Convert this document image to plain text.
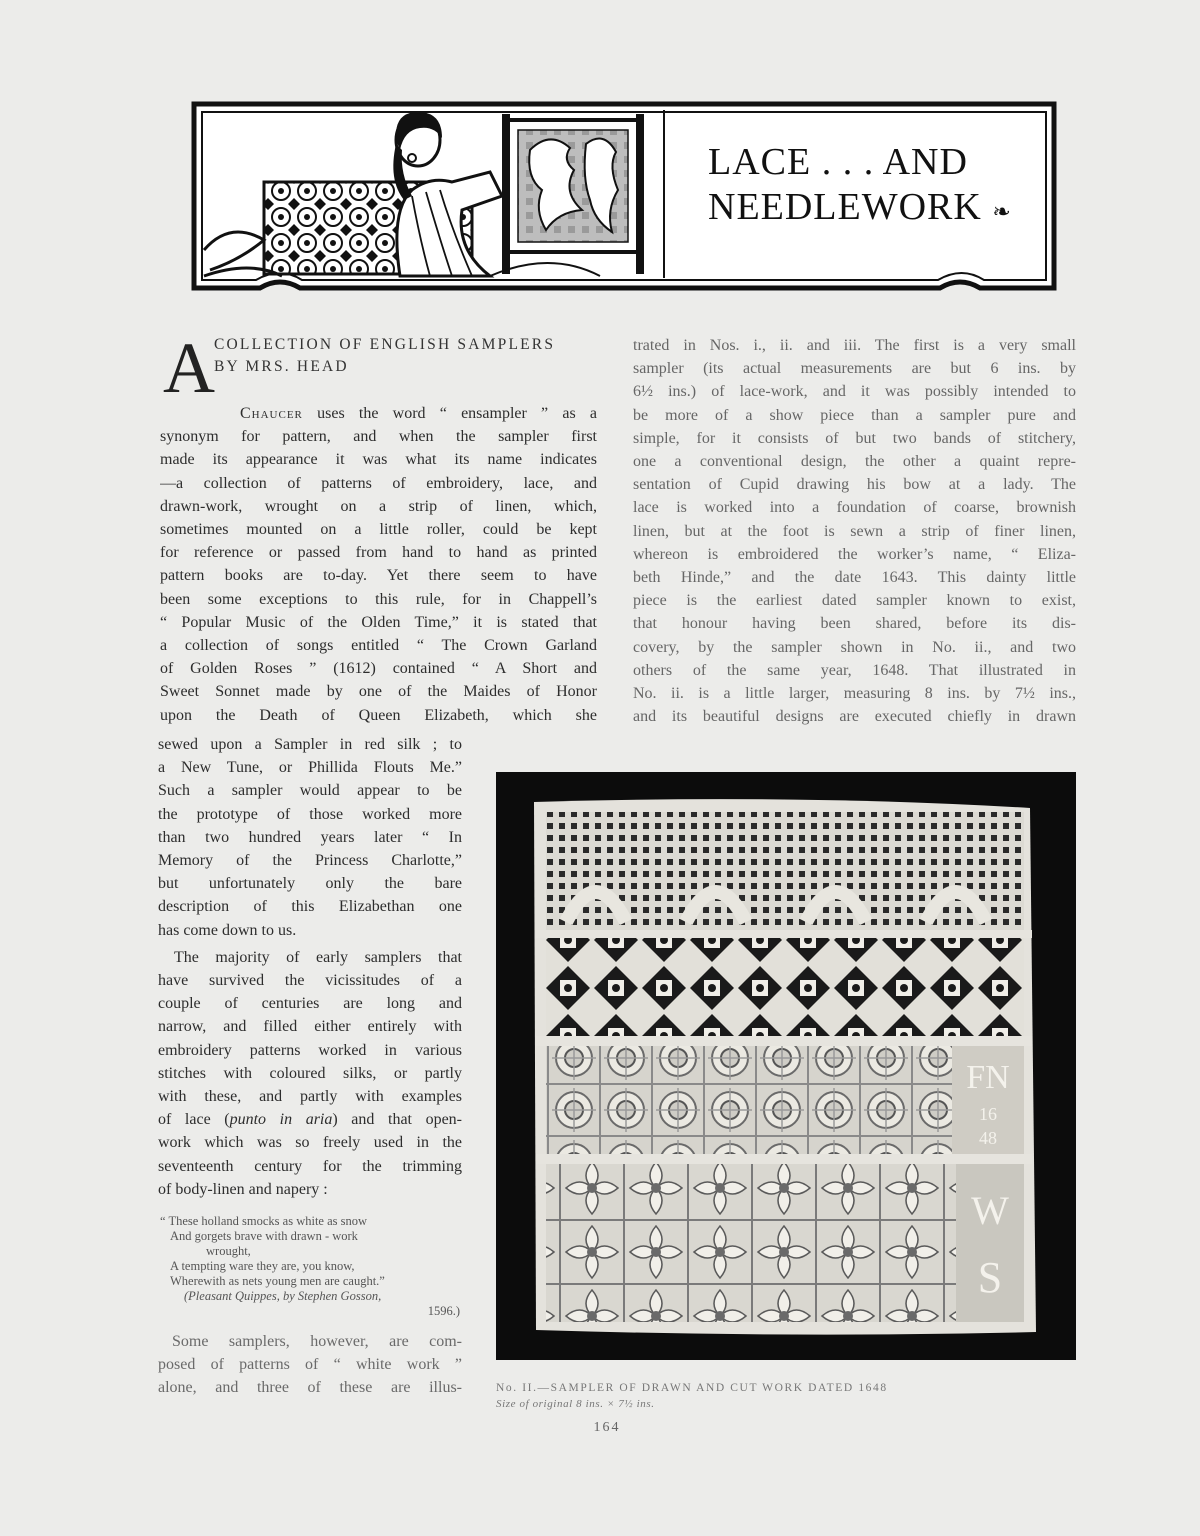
LACE . . . AND
NEEDLEWORK ❧
A COLLECTION OF ENGLISH SAMPLERS
BY MRS. HEAD
Chaucer uses the word “ ensampler ” as a
synonym for pattern, and when the sampler first
made its appearance it was what its name indicates
—a collection of patterns of embroidery, lace, and
drawn-work, wrought on a strip of linen, which,
sometimes mounted on a little roller, could be kept
for reference or passed from hand to hand as printed
pattern books are to-day. Yet there seem to have
been some exceptions to this rule, for in Chappell’s
“ Popular Music of the Olden Time,” it is stated that
a collection of songs entitled “ The Crown Garland
of Golden Roses ” (1612) contained “ A Short and
Sweet Sonnet made by one of the Maides of Honor
upon the Death of Queen Elizabeth, which she
sewed upon a Sampler in red silk ; to
a New Tune, or Phillida Flouts Me.”
Such a sampler would appear to be
the prototype of those worked more
than two hundred years later “ In
Memory of the Princess Charlotte,”
but unfortunately only the bare
description of this Elizabethan one
has come down to us.
The majority of early samplers that
have survived the vicissitudes of a
couple of centuries are long and
narrow, and filled either entirely with
embroidery patterns worked in various
stitches with coloured silks, or partly
with these, and partly with examples
of lace (punto in aria) and that open-
work which was so freely used in the
seventeenth century for the trimming
of body-linen and napery :
“ These holland smocks as white as snow
And gorgets brave with drawn - work
wrought,
A tempting ware they are, you know,
Wherewith as nets young men are caught.”
(Pleasant Quippes, by Stephen Gosson,
1596.)
Some samplers, however, are com-
posed of patterns of “ white work ”
alone, and three of these are illus-
trated in Nos. i., ii. and iii. The first is a very small
sampler (its actual measurements are but 6 ins. by
6½ ins.) of lace-work, and it was possibly intended to
be more of a show piece than a sampler pure and
simple, for it consists of but two bands of stitchery,
one a conventional design, the other a quaint repre-
sentation of Cupid drawing his bow at a lady. The
lace is worked into a foundation of coarse, brownish
linen, but at the foot is sewn a strip of finer linen,
whereon is embroidered the worker’s name, “ Eliza-
beth Hinde,” and the date 1643. This dainty little
piece is the earliest dated sampler known to exist,
that honour having been shared, before its dis-
covery, by the sampler shown in No. ii., and two
others of the same year, 1648. That illustrated in
No. ii. is a little larger, measuring 8 ins. by 7½ ins.,
and its beautiful designs are executed chiefly in drawn
FN
16
48
W
S
No. II.—SAMPLER OF DRAWN AND CUT WORK DATED 1648
Size of original 8 ins. × 7½ ins.
164
